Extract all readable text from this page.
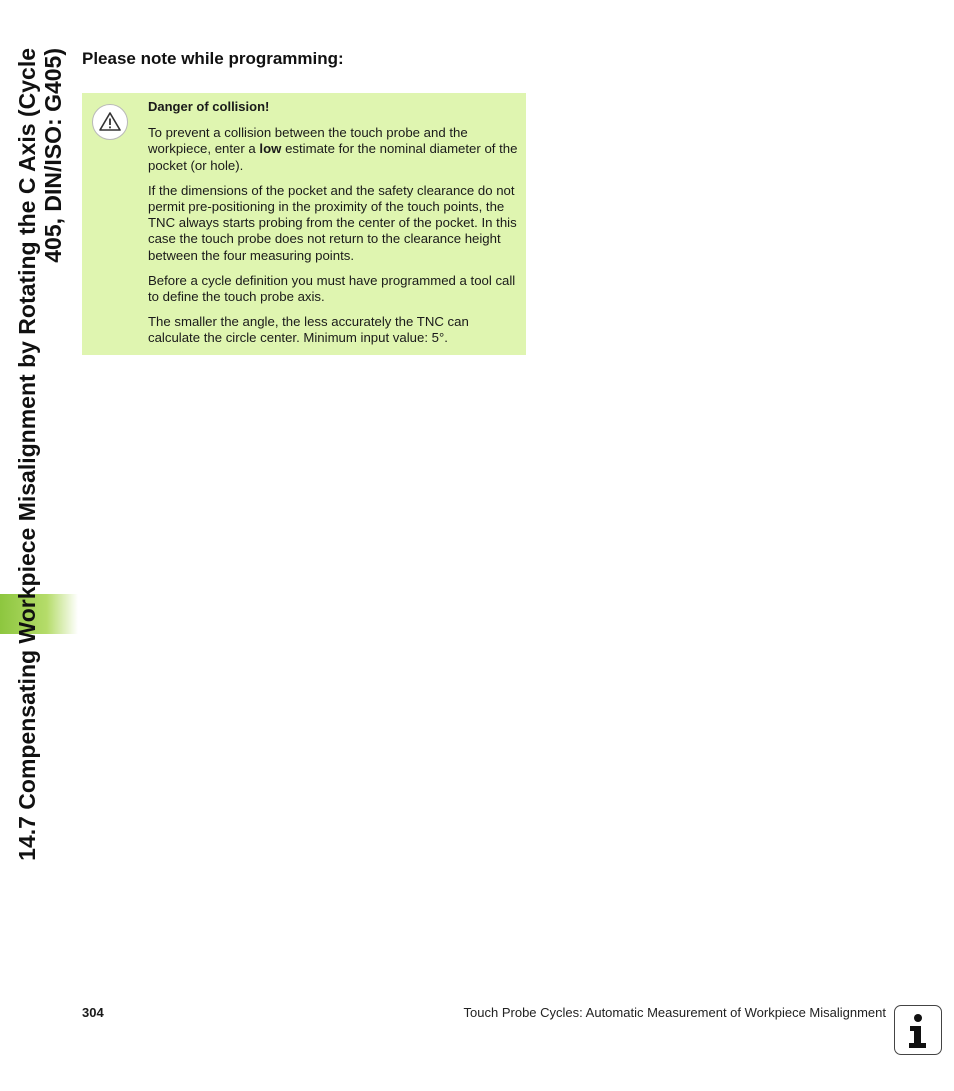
14.7 Compensating Workpiece Misalignment by Rotating the C Axis (Cycle 405, DIN/ISO: G405) Please note while programming:
Danger of collision!

To prevent a collision between the touch probe and the workpiece, enter a low estimate for the nominal diameter of the pocket (or hole).

If the dimensions of the pocket and the safety clearance do not permit pre-positioning in the proximity of the touch points, the TNC always starts probing from the center of the pocket. In this case the touch probe does not return to the clearance height between the four measuring points.

Before a cycle definition you must have programmed a tool call to define the touch probe axis.

The smaller the angle, the less accurately the TNC can calculate the circle center. Minimum input value: 5°.

304	Touch Probe Cycles: Automatic Measurement of Workpiece Misalignment
